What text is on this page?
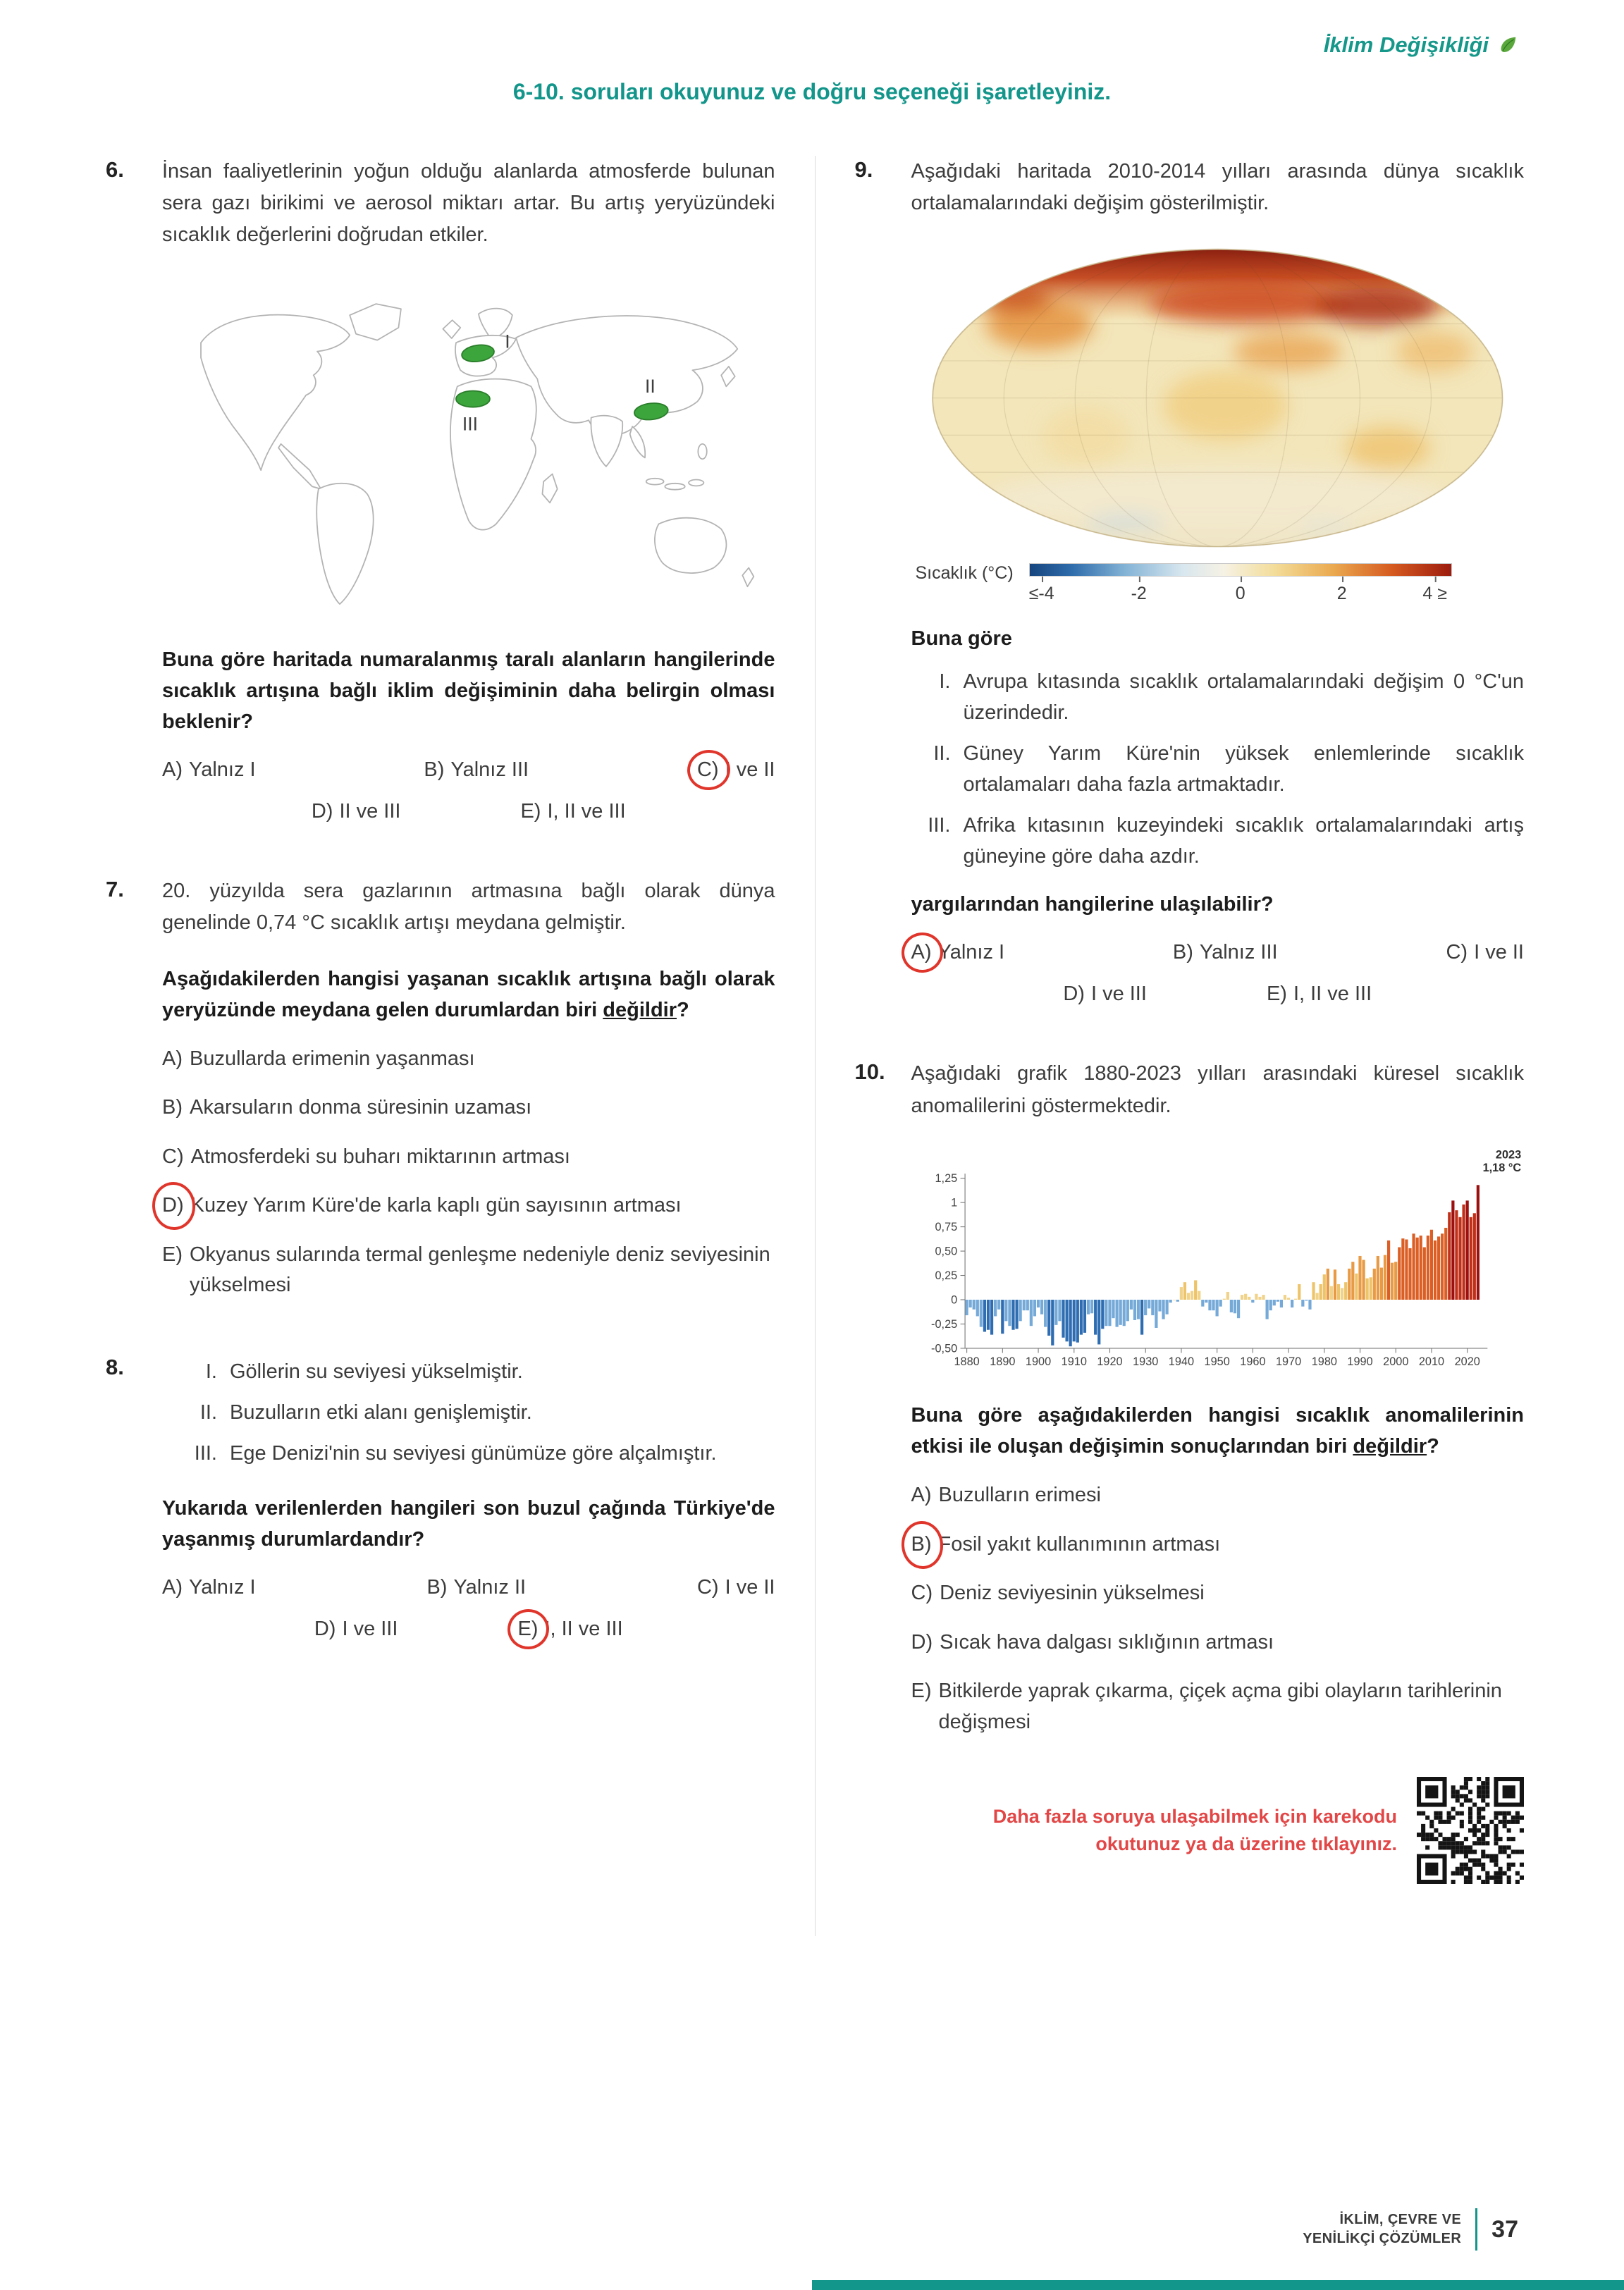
İklim Değişikliği
6-10. soruları okuyunuz ve doğru seçeneği işaretleyiniz.
6.	İnsan faaliyetlerinin yoğun olduğu alanlarda atmosferde bulunan sera gazı birikimi ve aerosol miktarı artar. Bu artış yeryüzündeki sıcaklık değerlerini doğrudan etkiler.

I
II
III

Buna göre haritada numaralanmış taralı alanların hangilerinde sıcaklık artışına bağlı iklim değişiminin daha belirgin olması beklenir?

A) Yalnız I	B) Yalnız III	C) I ve II
D) II ve III	E) I, II ve III
7.	20. yüzyılda sera gazlarının artmasına bağlı olarak dünya genelinde 0,74 °C sıcaklık artışı meydana gelmiştir.

Aşağıdakilerden hangisi yaşanan sıcaklık artışına bağlı olarak yeryüzünde meydana gelen durumlardan biri değildir?

A) Buzullarda erimenin yaşanması
B) Akarsuların donma süresinin uzaması
C) Atmosferdeki su buharı miktarının artması
D) Kuzey Yarım Küre'de karla kaplı gün sayısının artması
E) Okyanus sularında termal genleşme nedeniyle deniz seviyesinin yükselmesi
8.	I. Göllerin su seviyesi yükselmiştir.
II. Buzulların etki alanı genişlemiştir.
III. Ege Denizi'nin su seviyesi günümüze göre alçalmıştır.

Yukarıda verilenlerden hangileri son buzul çağında Türkiye'de yaşanmış durumlardandır?

A) Yalnız I	B) Yalnız II	C) I ve II
D) I ve III	E) I, II ve III
9.	Aşağıdaki haritada 2010-2014 yılları arasında dünya sıcaklık ortalamalarındaki değişim gösterilmiştir.

Sıcaklık (°C)
≤-4	-2	0	2	4 ≥

Buna göre

I. Avrupa kıtasında sıcaklık ortalamalarındaki değişim 0 °C'un üzerindedir.
II. Güney Yarım Küre'nin yüksek enlemlerinde sıcaklık ortalamaları daha fazla artmaktadır.
III. Afrika kıtasının kuzeyindeki sıcaklık ortalamalarındaki artış güneyine göre daha azdır.

yargılarından hangilerine ulaşılabilir?

A) Yalnız I	B) Yalnız III	C) I ve II
D) I ve III	E) I, II ve III
10.	Aşağıdaki grafik 1880-2023 yılları arasındaki küresel sıcaklık anomalilerini göstermektedir.

1,25
1
0,75
0,50
0,25
0
-0,25
-0,50
1880 1890 1900 1910 1920 1930 1940 1950 1960 1970 1980 1990 2000 2010 2020
2023
1,18 °C

Buna göre aşağıdakilerden hangisi sıcaklık anomalilerinin etkisi ile oluşan değişimin sonuçlarından biri değildir?

A) Buzulların erimesi
B) Fosil yakıt kullanımının artması
C) Deniz seviyesinin yükselmesi
D) Sıcak hava dalgası sıklığının artması
E) Bitkilerde yaprak çıkarma, çiçek açma gibi olayların tarihlerinin değişmesi

Daha fazla soruya ulaşabilmek için karekodu okutunuz ya da üzerine tıklayınız.

İKLİM, ÇEVRE VE
YENİLİKÇİ ÇÖZÜMLER 37
